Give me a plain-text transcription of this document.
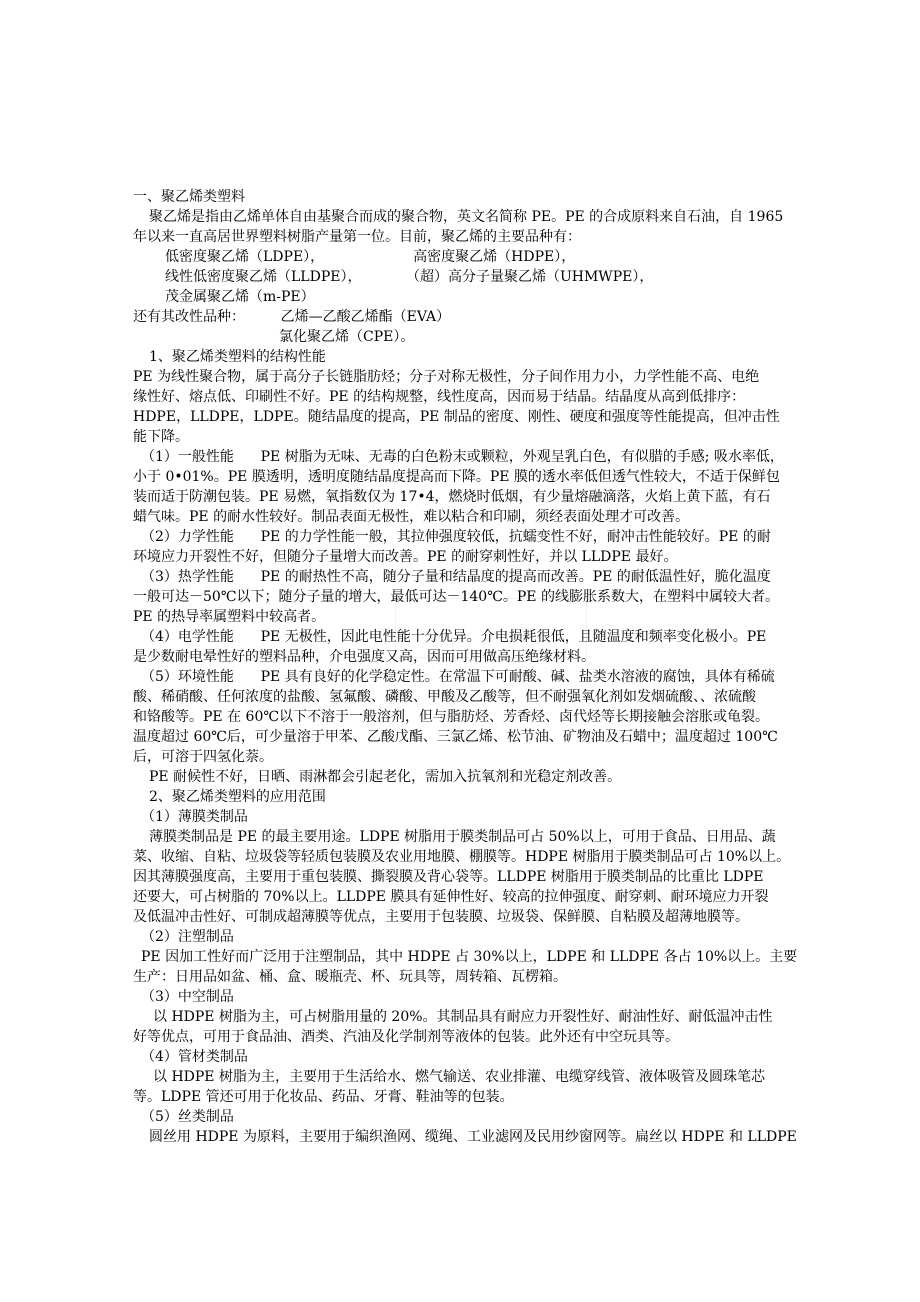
一、聚乙烯类塑料

聚乙烯是指由乙烯单体自由基聚合而成的聚合物，英文名简称 PE。PE 的合成原料来自石油，自 1965

年以来一直高居世界塑料树脂产量第一位。目前，聚乙烯的主要品种有：

低密度聚乙烯（LDPE），                    高密度聚乙烯（HDPE），

线性低密度聚乙烯（LLDPE），          （超）高分子量聚乙烯（UHMWPE），

茂金属聚乙烯（m-PE）

还有其改性品种：        乙烯—乙酸乙烯酯（EVA）

氯化聚乙烯（CPE）。

1、聚乙烯类塑料的结构性能

PE 为线性聚合物，属于高分子长链脂肪烃；分子对称无极性，分子间作用力小，力学性能不高、电绝

缘性好、熔点低、印刷性不好。PE 的结构规整，线性度高，因而易于结晶。结晶度从高到低排序：

HDPE，LLDPE，LDPE。随结晶度的提高，PE 制品的密度、刚性、硬度和强度等性能提高，但冲击性

能下降。

（1）一般性能      PE 树脂为无味、无毒的白色粉末或颗粒，外观呈乳白色，有似腊的手感; 吸水率低，

小于 0•01%。PE 膜透明，透明度随结晶度提高而下降。PE 膜的透水率低但透气性较大，不适于保鲜包

装而适于防潮包装。PE 易燃，氧指数仅为 17•4，燃烧时低烟，有少量熔融滴落，火焰上黄下蓝，有石

蜡气味。PE 的耐水性较好。制品表面无极性，难以粘合和印刷，须经表面处理才可改善。

（2）力学性能      PE 的力学性能一般，其拉伸强度较低，抗蠕变性不好，耐冲击性能较好。PE 的耐

环境应力开裂性不好，但随分子量增大而改善。PE 的耐穿刺性好，并以 LLDPE 最好。

（3）热学性能      PE 的耐热性不高，随分子量和结晶度的提高而改善。PE 的耐低温性好，脆化温度

一般可达－50℃以下；随分子量的增大，最低可达－140℃。PE 的线膨胀系数大，在塑料中属较大者。

PE 的热导率属塑料中较高者。

（4）电学性能      PE 无极性，因此电性能十分优异。介电损耗很低，且随温度和频率变化极小。PE

是少数耐电晕性好的塑料品种，介电强度又高，因而可用做高压绝缘材料。

（5）环境性能      PE 具有良好的化学稳定性。在常温下可耐酸、碱、盐类水溶液的腐蚀，具体有稀硫

酸、稀硝酸、任何浓度的盐酸、氢氟酸、磷酸、甲酸及乙酸等，但不耐强氧化剂如发烟硫酸、、浓硫酸

和铬酸等。PE 在 60℃以下不溶于一般溶剂，但与脂肪烃、芳香烃、卤代烃等长期接触会溶胀或龟裂。

温度超过 60℃后，可少量溶于甲苯、乙酸戊酯、三氯乙烯、松节油、矿物油及石蜡中；温度超过 100℃

后，可溶于四氢化萘。

PE 耐候性不好，日晒、雨淋都会引起老化，需加入抗氧剂和光稳定剂改善。

2、聚乙烯类塑料的应用范围

（1）薄膜类制品

薄膜类制品是 PE 的最主要用途。LDPE 树脂用于膜类制品可占 50%以上，可用于食品、日用品、蔬

菜、收缩、自粘、垃圾袋等轻质包装膜及农业用地膜、棚膜等。HDPE 树脂用于膜类制品可占 10%以上。

因其薄膜强度高，主要用于重包装膜、撕裂膜及背心袋等。LLDPE 树脂用于膜类制品的比重比 LDPE

还要大，可占树脂的 70%以上。LLDPE 膜具有延伸性好、较高的拉伸强度、耐穿刺、耐环境应力开裂

及低温冲击性好、可制成超薄膜等优点，主要用于包装膜、垃圾袋、保鲜膜、自粘膜及超薄地膜等。

（2）注塑制品

PE 因加工性好而广泛用于注塑制品，其中 HDPE 占 30%以上，LDPE 和 LLDPE 各占 10%以上。主要

生产：日用品如盆、桶、盒、暖瓶壳、杯、玩具等，周转箱、瓦楞箱。

（3）中空制品

以 HDPE 树脂为主，可占树脂用量的 20%。其制品具有耐应力开裂性好、耐油性好、耐低温冲击性

好等优点，可用于食品油、酒类、汽油及化学制剂等液体的包装。此外还有中空玩具等。

（4）管材类制品

以 HDPE 树脂为主，主要用于生活给水、燃气输送、农业排灌、电缆穿线管、液体吸管及圆珠笔芯

等。LDPE 管还可用于化妆品、药品、牙膏、鞋油等的包装。

（5）丝类制品

圆丝用 HDPE 为原料，主要用于编织渔网、缆绳、工业滤网及民用纱窗网等。扁丝以 HDPE 和 LLDPE
